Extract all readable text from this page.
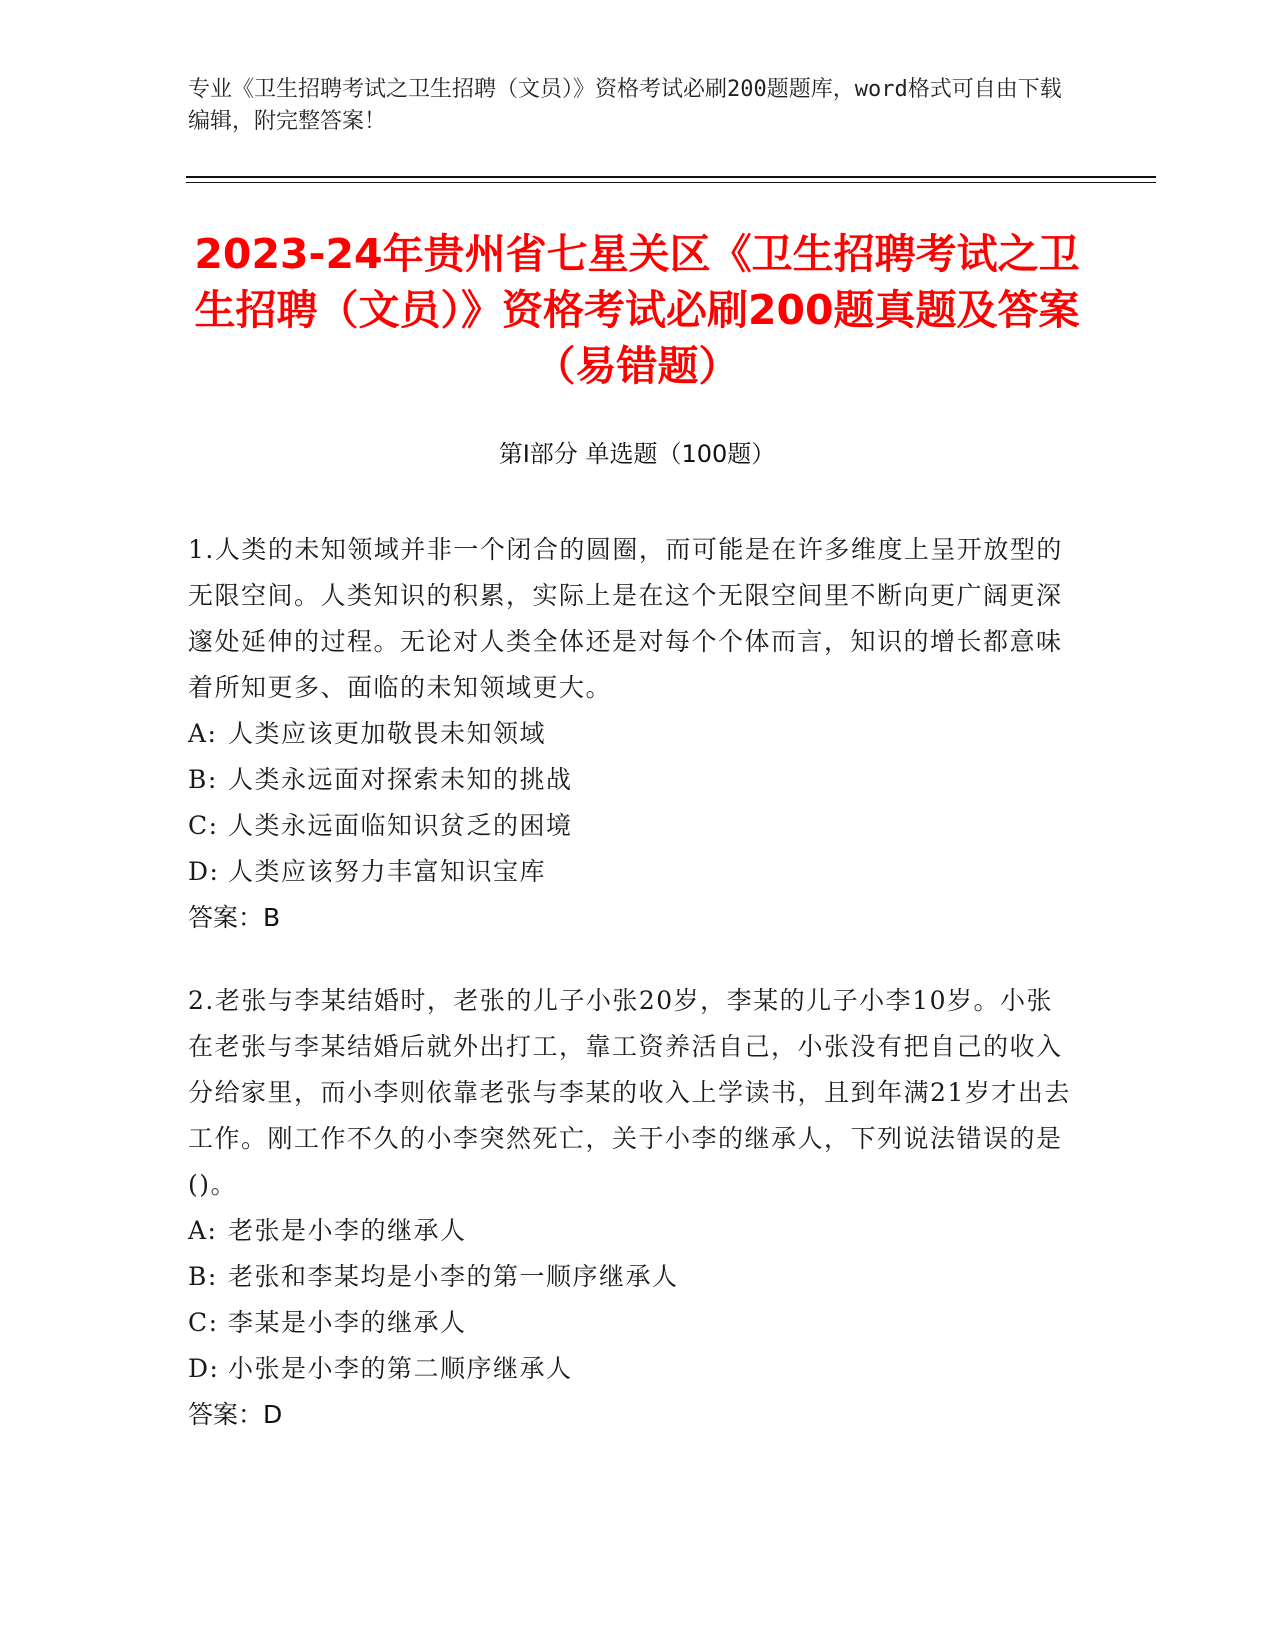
专业《卫生招聘考试之卫生招聘（文员）》资格考试必刷200题题库，word格式可自由下载编辑，附完整答案！
2023-24年贵州省七星关区《卫生招聘考试之卫生招聘（文员）》资格考试必刷200题真题及答案（易错题）
第I部分 单选题（100题）

1.人类的未知领域并非一个闭合的圆圈，而可能是在许多维度上呈开放型的无限空间。人类知识的积累，实际上是在这个无限空间里不断向更广阔更深邃处延伸的过程。无论对人类全体还是对每个个体而言，知识的增长都意味着所知更多、面临的未知领域更大。

A: 人类应该更加敬畏未知领域

B: 人类永远面对探索未知的挑战

C: 人类永远面临知识贫乏的困境

D: 人类应该努力丰富知识宝库

答案：B

2.老张与李某结婚时，老张的儿子小张20岁，李某的儿子小李10岁。小张在老张与李某结婚后就外出打工，靠工资养活自己，小张没有把自己的收入分给家里，而小李则依靠老张与李某的收入上学读书，且到年满21岁才出去工作。刚工作不久的小李突然死亡，关于小李的继承人，下列说法错误的是()。

A: 老张是小李的继承人

B: 老张和李某均是小李的第一顺序继承人

C: 李某是小李的继承人

D: 小张是小李的第二顺序继承人

答案：D
